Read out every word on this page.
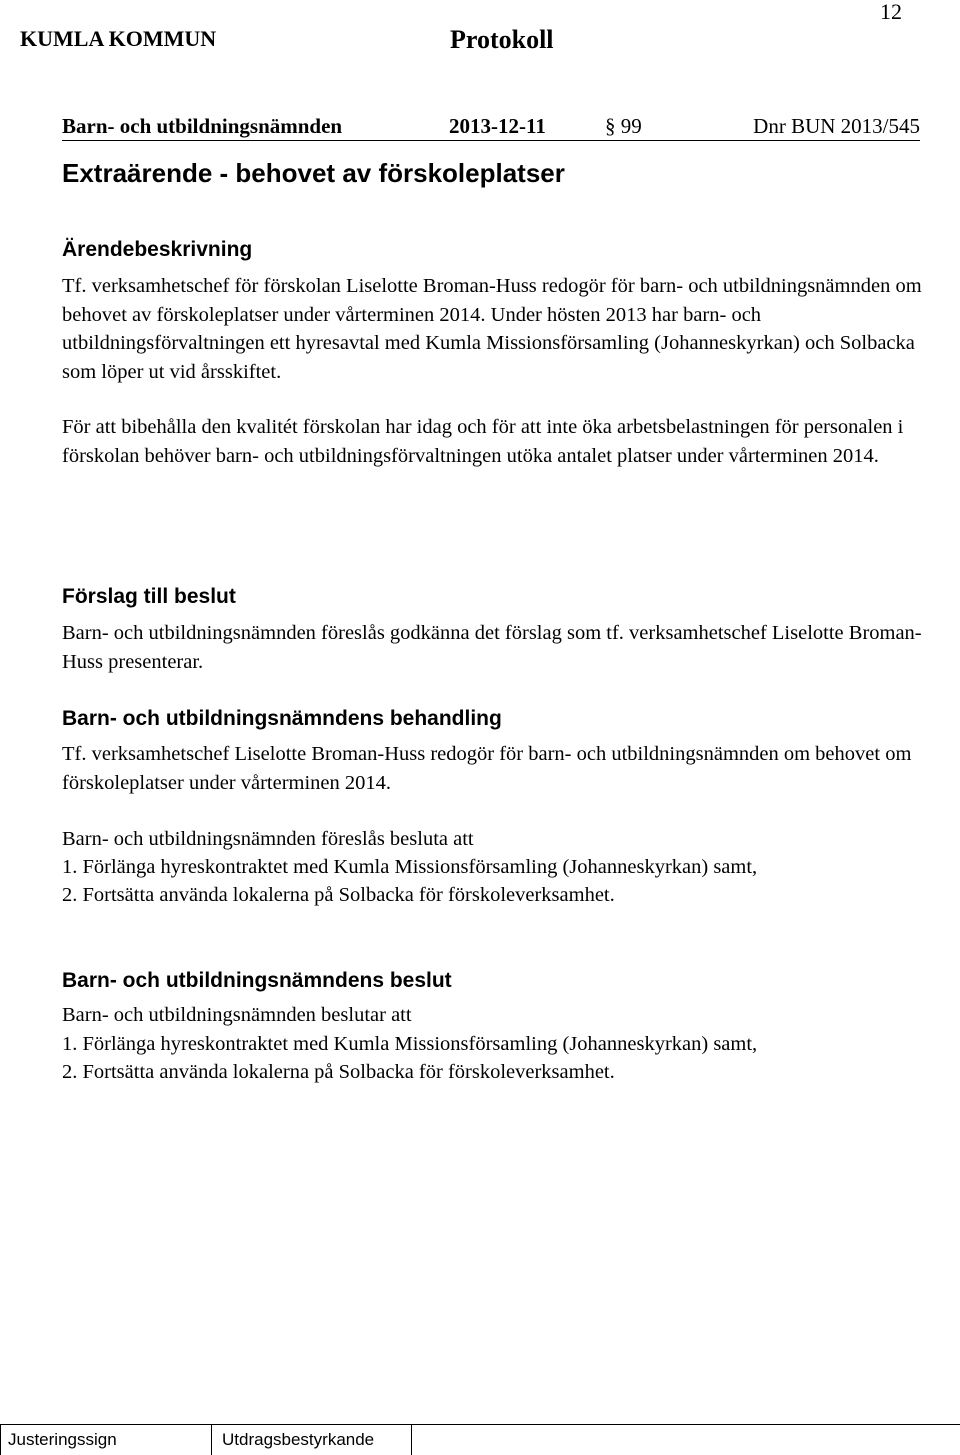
12
KUMLA KOMMUN	Protokoll
Barn- och utbildningsnämnden	2013-12-11	§ 99	Dnr BUN 2013/545
Extraärende - behovet av förskoleplatser
Ärendebeskrivning

Tf. verksamhetschef för förskolan Liselotte Broman-Huss redogör för barn- och utbildningsnämnden om behovet av förskoleplatser under vårterminen 2014. Under hösten 2013 har barn- och utbildningsförvaltningen ett hyresavtal med Kumla Missionsförsamling (Johanneskyrkan) och Solbacka som löper ut vid årsskiftet.

För att bibehålla den kvalitét förskolan har idag och för att inte öka arbetsbelastningen för personalen i förskolan behöver barn- och utbildningsförvaltningen utöka antalet platser under vårterminen 2014.

Förslag till beslut

Barn- och utbildningsnämnden föreslås godkänna det förslag som tf. verksamhetschef Liselotte Broman-Huss presenterar.

Barn- och utbildningsnämndens behandling

Tf. verksamhetschef Liselotte Broman-Huss redogör för barn- och utbildningsnämnden om behovet om förskoleplatser under vårterminen 2014.

Barn- och utbildningsnämnden föreslås besluta att

1. Förlänga hyreskontraktet med Kumla Missionsförsamling (Johanneskyrkan) samt,

2. Fortsätta använda lokalerna på Solbacka för förskoleverksamhet.

Barn- och utbildningsnämndens beslut

Barn- och utbildningsnämnden beslutar att

1. Förlänga hyreskontraktet med Kumla Missionsförsamling (Johanneskyrkan) samt,

2. Fortsätta använda lokalerna på Solbacka för förskoleverksamhet.

Justeringssign	Utdragsbestyrkande
